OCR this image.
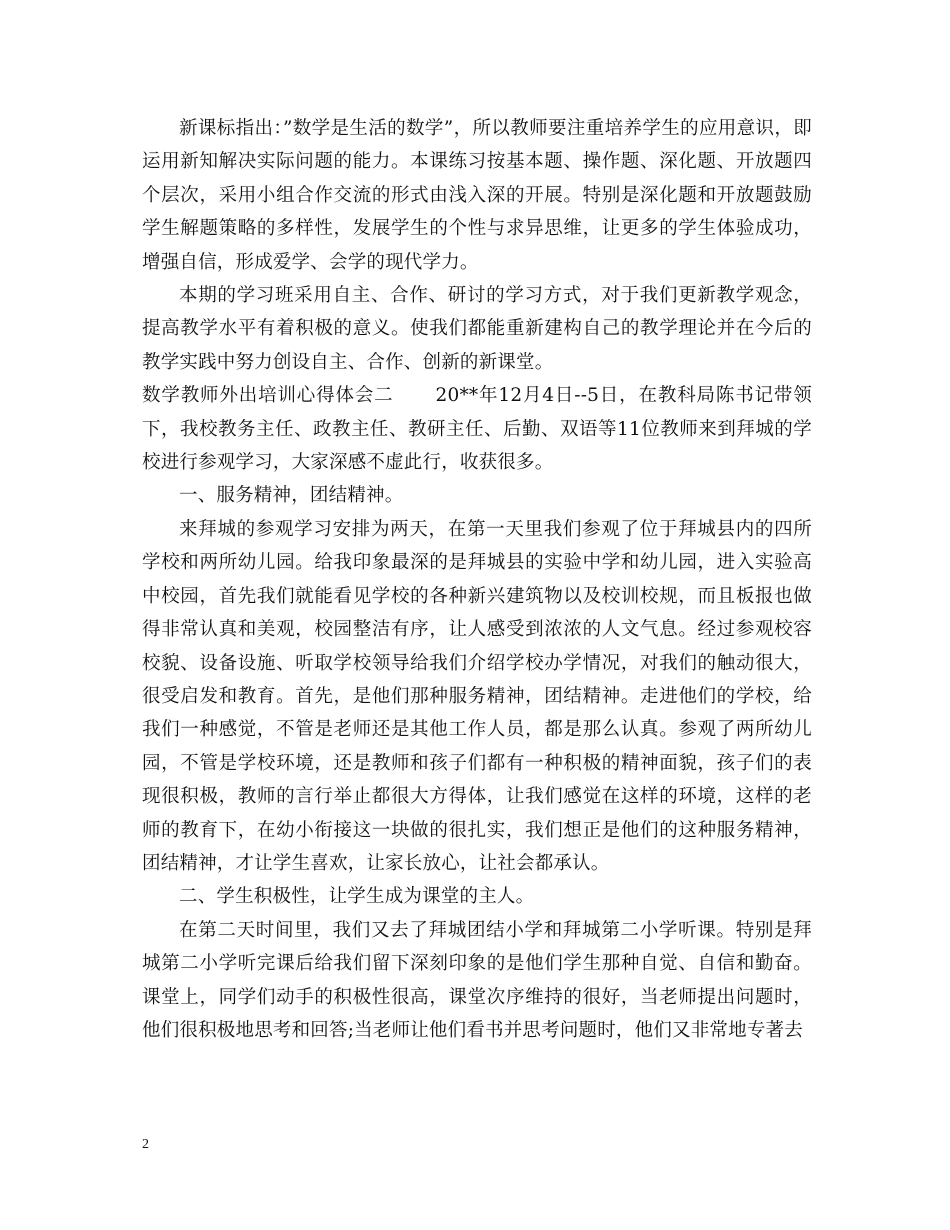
新课标指出：”数学是生活的数学”，所以教师要注重培养学生的应用意识，即运用新知解决实际问题的能力。本课练习按基本题、操作题、深化题、开放题四个层次，采用小组合作交流的形式由浅入深的开展。特别是深化题和开放题鼓励学生解题策略的多样性，发展学生的个性与求异思维，让更多的学生体验成功，增强自信，形成爱学、会学的现代学力。

本期的学习班采用自主、合作、研讨的学习方式，对于我们更新教学观念，提高教学水平有着积极的意义。使我们都能重新建构自己的教学理论并在今后的教学实践中努力创设自主、合作、创新的新课堂。

数学教师外出培训心得体会二 20**年12月4日--5日，在教科局陈书记带领下，我校教务主任、政教主任、教研主任、后勤、双语等11位教师来到拜城的学校进行参观学习，大家深感不虚此行，收获很多。

一、服务精神，团结精神。

来拜城的参观学习安排为两天，在第一天里我们参观了位于拜城县内的四所学校和两所幼儿园。给我印象最深的是拜城县的实验中学和幼儿园，进入实验高中校园，首先我们就能看见学校的各种新兴建筑物以及校训校规，而且板报也做得非常认真和美观，校园整洁有序，让人感受到浓浓的人文气息。经过参观校容校貌、设备设施、听取学校领导给我们介绍学校办学情况，对我们的触动很大，很受启发和教育。首先，是他们那种服务精神，团结精神。走进他们的学校，给我们一种感觉，不管是老师还是其他工作人员，都是那么认真。参观了两所幼儿园，不管是学校环境，还是教师和孩子们都有一种积极的精神面貌，孩子们的表现很积极，教师的言行举止都很大方得体，让我们感觉在这样的环境，这样的老师的教育下，在幼小衔接这一块做的很扎实，我们想正是他们的这种服务精神，团结精神，才让学生喜欢，让家长放心，让社会都承认。

二、学生积极性，让学生成为课堂的主人。

在第二天时间里，我们又去了拜城团结小学和拜城第二小学听课。特别是拜城第二小学听完课后给我们留下深刻印象的是他们学生那种自觉、自信和勤奋。课堂上，同学们动手的积极性很高，课堂次序维持的很好，当老师提出问题时，他们很积极地思考和回答;当老师让他们看书并思考问题时，他们又非常地专著去

2
